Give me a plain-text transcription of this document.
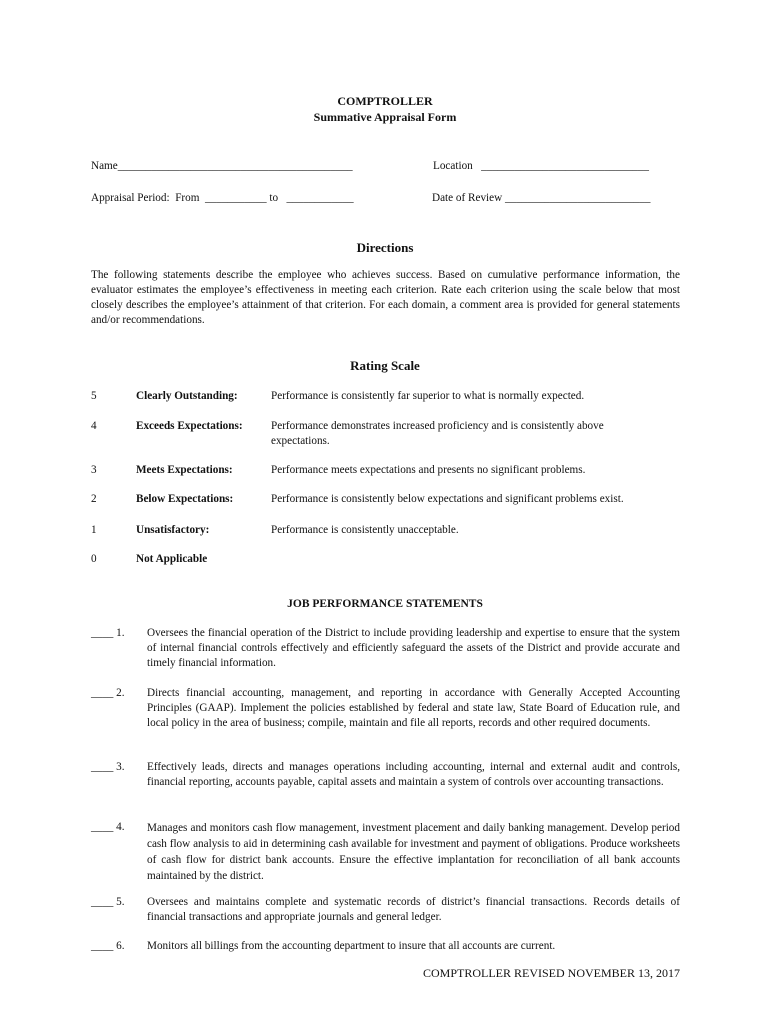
COMPTROLLER
Summative Appraisal Form
Name__________________________________________	Location   ______________________________
Appraisal Period:  From  ___________ to   ____________	Date of Review __________________________
Directions
The following statements describe the employee who achieves success. Based on cumulative performance information, the evaluator estimates the employee’s effectiveness in meeting each criterion. Rate each criterion using the scale below that most closely describes the employee’s attainment of that criterion. For each domain, a comment area is provided for general statements and/or recommendations.
Rating Scale
5	Clearly Outstanding:	Performance is consistently far superior to what is normally expected.
4	Exceeds Expectations:	Performance demonstrates increased proficiency and is consistently above expectations.
3	Meets Expectations:	Performance meets expectations and presents no significant problems.
2	Below Expectations:	Performance is consistently below expectations and significant problems exist.
1	Unsatisfactory:	Performance is consistently unacceptable.
0	Not Applicable
JOB PERFORMANCE STATEMENTS
____ 1.	Oversees the financial operation of the District to include providing leadership and expertise to ensure that the system of internal financial controls effectively and efficiently safeguard the assets of the District and provide accurate and timely financial information.
____ 2.	Directs financial accounting, management, and reporting in accordance with Generally Accepted Accounting Principles (GAAP). Implement the policies established by federal and state law, State Board of Education rule, and local policy in the area of business; compile, maintain and file all reports, records and other required documents.
____ 3.	Effectively leads, directs and manages operations including accounting, internal and external audit and controls, financial reporting, accounts payable, capital assets and maintain a system of controls over accounting transactions.
____ 4.	Manages and monitors cash flow management, investment placement and daily banking management. Develop period cash flow analysis to aid in determining cash available for investment and payment of obligations. Produce worksheets of cash flow for district bank accounts. Ensure the effective implantation for reconciliation of all bank accounts maintained by the district.
____ 5.	Oversees and maintains complete and systematic records of district’s financial transactions. Records details of financial transactions and appropriate journals and general ledger.
____ 6.	Monitors all billings from the accounting department to insure that all accounts are current.
COMPTROLLER REVISED NOVEMBER 13, 2017
